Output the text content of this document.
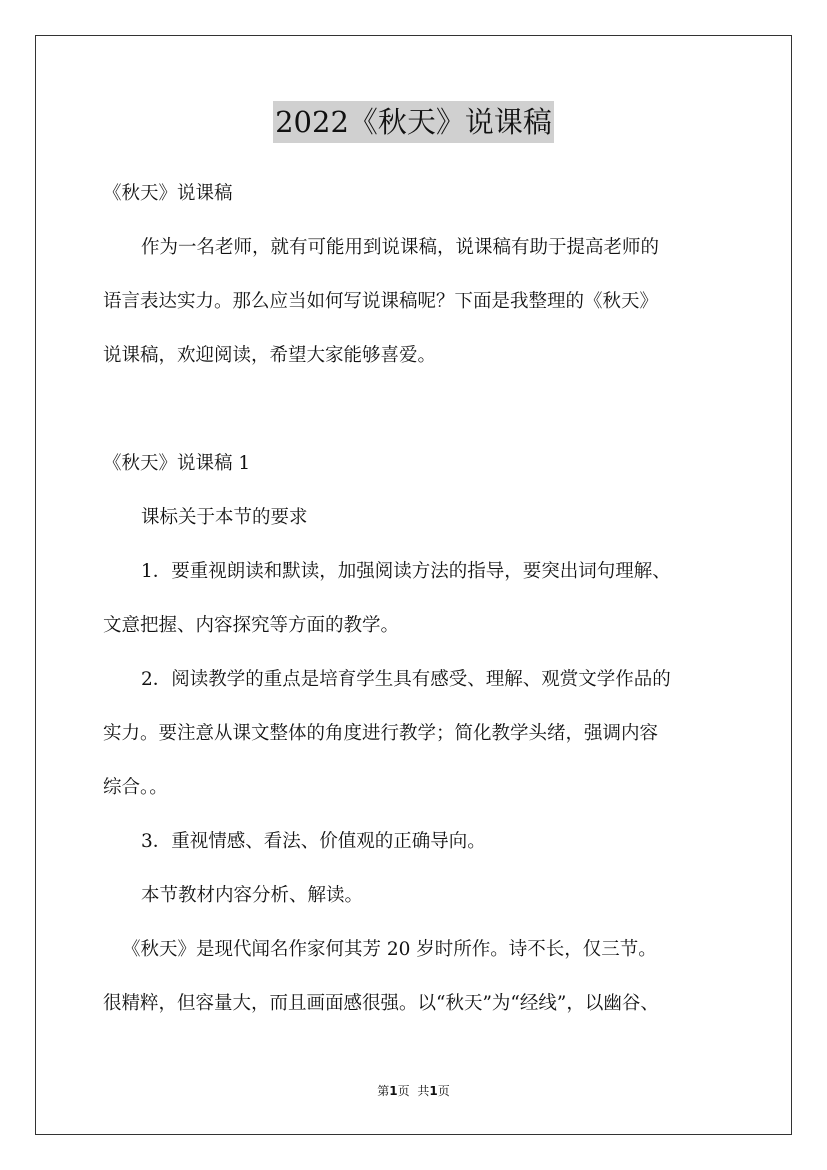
2022《秋天》说课稿

《秋天》说课稿

作为一名老师，就有可能用到说课稿，说课稿有助于提高老师的

语言表达实力。那么应当如何写说课稿呢？下面是我整理的《秋天》

说课稿，欢迎阅读，希望大家能够喜爱。

《秋天》说课稿 1

课标关于本节的要求

1．要重视朗读和默读，加强阅读方法的指导，要突出词句理解、

文意把握、内容探究等方面的教学。

2．阅读教学的重点是培育学生具有感受、理解、观赏文学作品的

实力。要注意从课文整体的角度进行教学；简化教学头绪，强调内容

综合。。

3．重视情感、看法、价值观的正确导向。

本节教材内容分析、解读。

《秋天》是现代闻名作家何其芳 20 岁时所作。诗不长，仅三节。

很精粹，但容量大，而且画面感很强。以“秋天”为“经线”，以幽谷、

第1页 共1页
